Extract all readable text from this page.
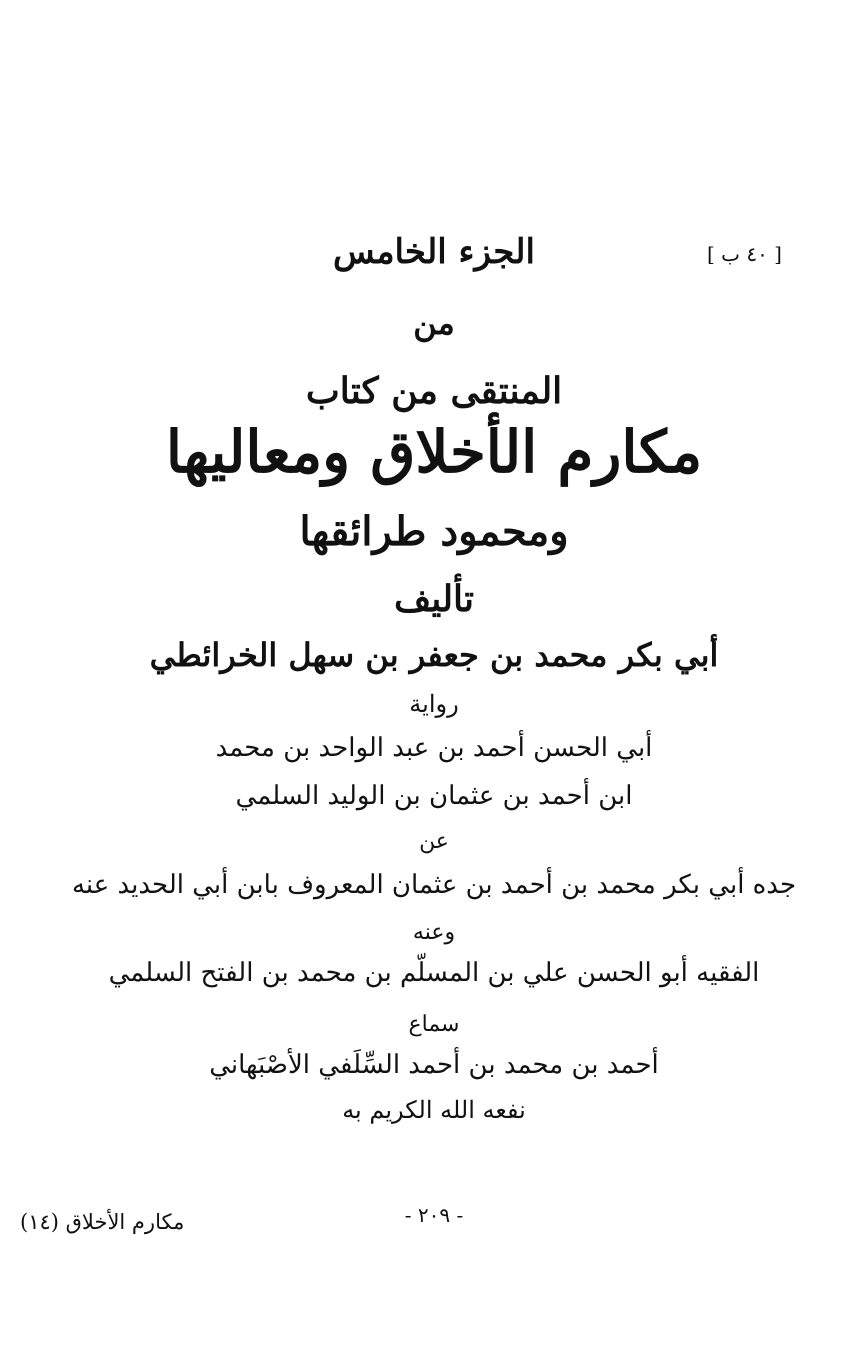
[ ٤٠ ب ]
الجزء الخامس
من
المنتقى من كتاب
مكارم الأخلاق ومعاليها
ومحمود طرائقها
تأليف
أبي بكر محمد بن جعفر بن سهل الخرائطي
رواية
أبي الحسن أحمد بن عبد الواحد بن محمد
ابن أحمد بن عثمان بن الوليد السلمي
عن
جده أبي بكر محمد بن أحمد بن عثمان المعروف بابن أبي الحديد عنه
وعنه
الفقيه أبو الحسن علي بن المسلّم بن محمد بن الفتح السلمي
سماع
أحمد بن محمد بن أحمد السِّلَفي الأصْبَهاني
نفعه الله الكريم به
- ٢٠٩ -
مكارم الأخلاق (١٤)
